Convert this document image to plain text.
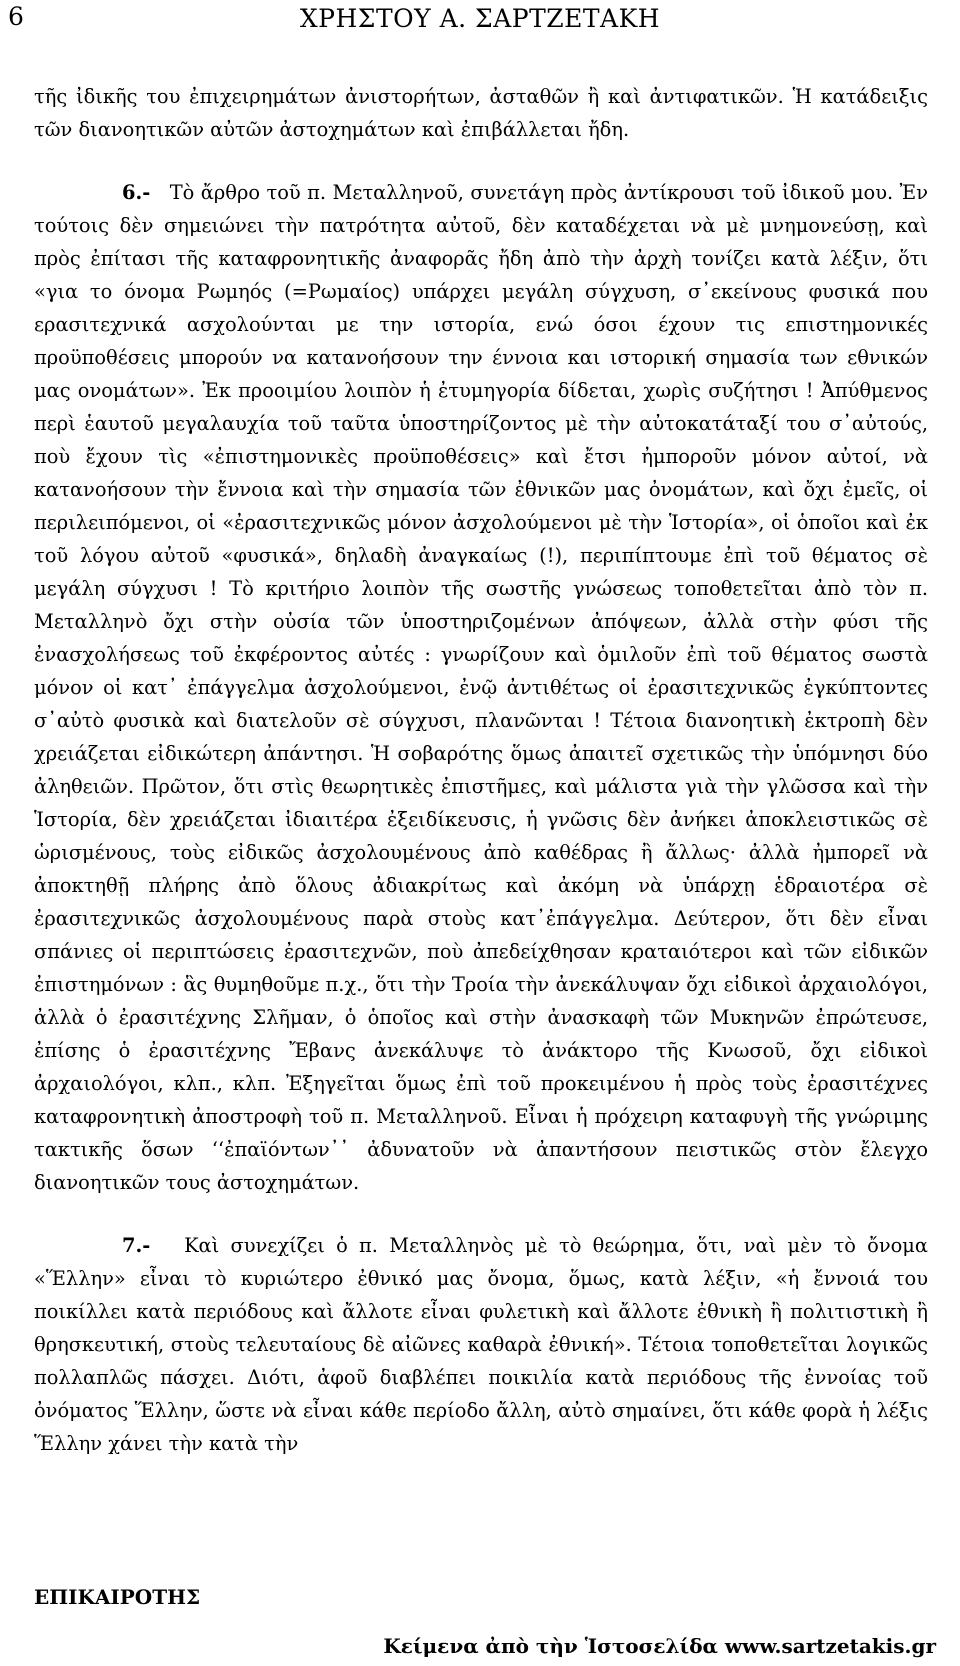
6	ΧΡΗΣΤΟΥ Α. ΣΑΡΤΖΕΤΑΚΗ

τῆς ἰδικῆς του ἐπιχειρημάτων ἀνιστορήτων, ἀσταθῶν ἢ καὶ ἀντιφατικῶν. Ἡ κατάδειξις τῶν διανοητικῶν αὐτῶν ἀστοχημάτων καὶ ἐπιβάλλεται ἤδη.

6.- Τὸ ἄρθρο τοῦ π. Μεταλληνοῦ, συνετάγη πρὸς ἀντίκρουσι τοῦ ἰδικοῦ μου. Ἐν τούτοις δὲν σημειώνει τὴν πατρότητα αὐτοῦ, δὲν καταδέχεται νὰ μὲ μνημονεύσῃ, καὶ πρὸς ἐπίτασι τῆς καταφρονητικῆς ἀναφορᾶς ἤδη ἀπὸ τὴν ἀρχὴ τονίζει κατὰ λέξιν, ὅτι «για το όνομα Ρωμηός (=Ρωμαίος) υπάρχει μεγάλη σύγχυση, σ᾽εκείνους φυσικά που ερασιτεχνικά ασχολούνται με την ιστορία, ενώ όσοι έχουν τις επιστημονικές προϋποθέσεις μπορούν να κατανοήσουν την έννοια και ιστορική σημασία των εθνικών μας ονομάτων». Ἐκ προοιμίου λοιπὸν ἡ ἐτυμηγορία δίδεται, χωρὶς συζήτησι ! Ἀπύθμενος περὶ ἑαυτοῦ μεγαλαυχία τοῦ ταῦτα ὑποστηρίζοντος μὲ τὴν αὐτοκατάταξί του σ᾽αὐτούς, ποὺ ἔχουν τὶς «ἐπιστημονικὲς προϋποθέσεις» καὶ ἔτσι ἠμποροῦν μόνον αὐτοί, νὰ κατανοήσουν τὴν ἔννοια καὶ τὴν σημασία τῶν ἐθνικῶν μας ὀνομάτων, καὶ ὄχι ἐμεῖς, οἱ περιλειπόμενοι, οἱ «ἐρασιτεχνικῶς μόνον ἀσχολούμενοι μὲ τὴν Ἱστορία», οἱ ὁποῖοι καὶ ἐκ τοῦ λόγου αὐτοῦ «φυσικά», δηλαδὴ ἀναγκαίως (!), περιπίπτουμε ἐπὶ τοῦ θέματος σὲ μεγάλη σύγχυσι ! Τὸ κριτήριο λοιπὸν τῆς σωστῆς γνώσεως τοποθετεῖται ἀπὸ τὸν π. Μεταλληνὸ ὄχι στὴν οὐσία τῶν ὑποστηριζομένων ἀπόψεων, ἀλλὰ στὴν φύσι τῆς ἐνασχολήσεως τοῦ ἐκφέροντος αὐτές : γνωρίζουν καὶ ὁμιλοῦν ἐπὶ τοῦ θέματος σωστὰ μόνον οἱ κατ᾽ ἐπάγγελμα ἀσχολούμενοι, ἐνῷ ἀντιθέτως οἱ ἐρασιτεχνικῶς ἐγκύπτοντες σ᾽αὐτὸ φυσικὰ καὶ διατελοῦν σὲ σύγχυσι, πλανῶνται ! Τέτοια διανοητικὴ ἐκτροπὴ δὲν χρειάζεται εἰδικώτερη ἀπάντησι. Ἡ σοβαρότης ὅμως ἀπαιτεῖ σχετικῶς τὴν ὑπόμνησι δύο ἀληθειῶν. Πρῶτον, ὅτι στὶς θεωρητικὲς ἐπιστῆμες, καὶ μάλιστα γιὰ τὴν γλῶσσα καὶ τὴν Ἱστορία, δὲν χρειάζεται ἰδιαιτέρα ἐξειδίκευσις, ἡ γνῶσις δὲν ἀνήκει ἀποκλειστικῶς σὲ ὡρισμένους, τοὺς εἰδικῶς ἀσχολουμένους ἀπὸ καθέδρας ἢ ἄλλως· ἀλλὰ ἠμπορεῖ νὰ ἀποκτηθῇ πλήρης ἀπὸ ὅλους ἀδιακρίτως καὶ ἀκόμη νὰ ὑπάρχῃ ἑδραιοτέρα σὲ ἐρασιτεχνικῶς ἀσχολουμένους παρὰ στοὺς κατ᾽ἐπάγγελμα. Δεύτερον, ὅτι δὲν εἶναι σπάνιες οἱ περιπτώσεις ἐρασιτεχνῶν, ποὺ ἀπεδείχθησαν κραταιότεροι καὶ τῶν εἰδικῶν ἐπιστημόνων : ἃς θυμηθοῦμε π.χ., ὅτι τὴν Τροία τὴν ἀνεκάλυψαν ὄχι εἰδικοὶ ἀρχαιολόγοι, ἀλλὰ ὁ ἐρασιτέχνης Σλῆμαν, ὁ ὁποῖος καὶ στὴν ἀνασκαφὴ τῶν Μυκηνῶν ἐπρώτευσε, ἐπίσης ὁ ἐρασιτέχνης Ἔβανς ἀνεκάλυψε τὸ ἀνάκτορο τῆς Κνωσοῦ, ὄχι εἰδικοὶ ἀρχαιολόγοι, κλπ., κλπ. Ἐξηγεῖται ὅμως ἐπὶ τοῦ προκειμένου ἡ πρὸς τοὺς ἐρασιτέχνες καταφρονητικὴ ἀποστροφὴ τοῦ π. Μεταλληνοῦ. Εἶναι ἡ πρόχειρη καταφυγὴ τῆς γνώριμης τακτικῆς ὅσων ‘‘ἐπαϊόντων᾽᾽ ἀδυνατοῦν νὰ ἀπαντήσουν πειστικῶς στὸν ἔλεγχο διανοητικῶν τους ἀστοχημάτων.

7.- Καὶ συνεχίζει ὁ π. Μεταλληνὸς μὲ τὸ θεώρημα, ὅτι, ναὶ μὲν τὸ ὄνομα «Ἕλλην» εἶναι τὸ κυριώτερο ἐθνικό μας ὄνομα, ὅμως, κατὰ λέξιν, «ἡ ἔννοιά του ποικίλλει κατὰ περιόδους καὶ ἄλλοτε εἶναι φυλετικὴ καὶ ἄλλοτε ἐθνικὴ ἢ πολιτιστικὴ ἢ θρησκευτική, στοὺς τελευταίους δὲ αἰῶνες καθαρὰ ἐθνική». Τέτοια τοποθετεῖται λογικῶς πολλαπλῶς πάσχει. Διότι, ἀφοῦ διαβλέπει ποικιλία κατὰ περιόδους τῆς ἐννοίας τοῦ ὀνόματος Ἕλλην, ὥστε νὰ εἶναι κάθε περίοδο ἄλλη, αὐτὸ σημαίνει, ὅτι κάθε φορὰ ἡ λέξις Ἕλλην χάνει τὴν κατὰ τὴν

ΕΠΙΚΑΙΡΟΤΗΣ
Κείμενα ἀπὸ τὴν Ἱστοσελίδα www.sartzetakis.gr
